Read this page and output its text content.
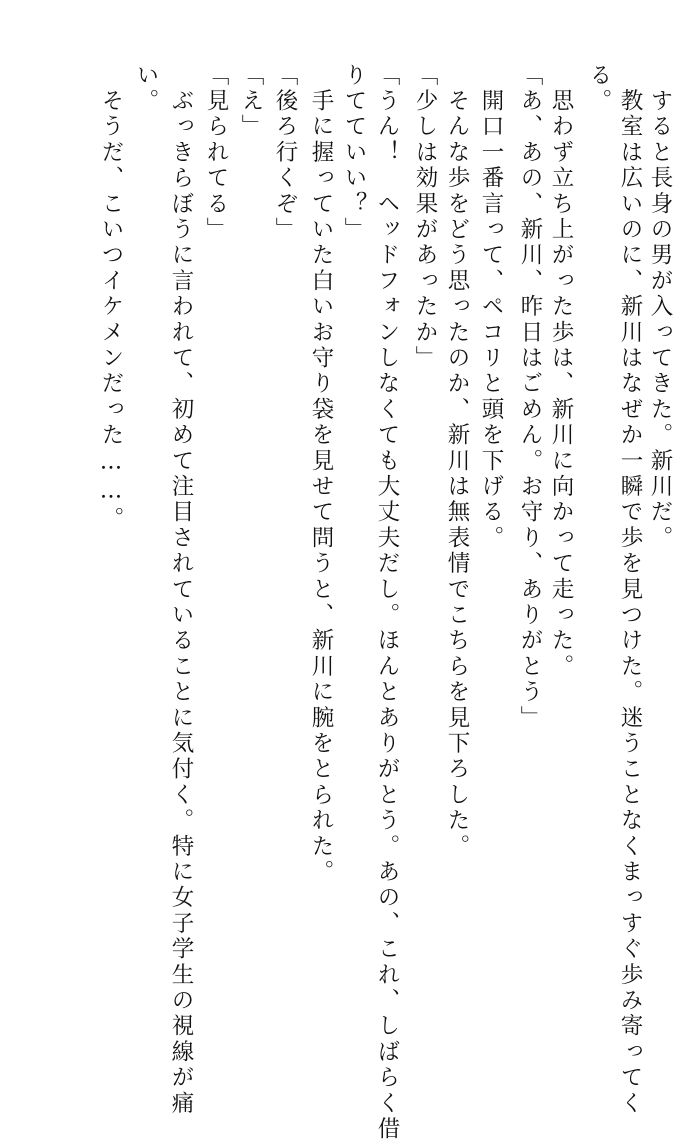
　すると長身の男が入ってきた。新川だ。
　教室は広いのに、新川はなぜか一瞬で歩を見つけた。迷うことなくまっすぐ歩み寄ってく
る。
　思わず立ち上がった歩は、新川に向かって走った。
「あ、あの、新川、昨日はごめん。お守り、ありがとう」
　開口一番言って、ペコリと頭を下げる。
　そんな歩をどう思ったのか、新川は無表情でこちらを見下ろした。
「少しは効果があったか」
「うん！　ヘッドフォンしなくても大丈夫だし。ほんとありがとう。あの、これ、しばらく借
りてていい？」
　手に握っていた白いお守り袋を見せて問うと、新川に腕をとられた。
「後ろ行くぞ」
「え」
「見られてる」
　ぶっきらぼうに言われて、初めて注目されていることに気付く。特に女子学生の視線が痛
い。
　そうだ、こいつイケメンだった……。
